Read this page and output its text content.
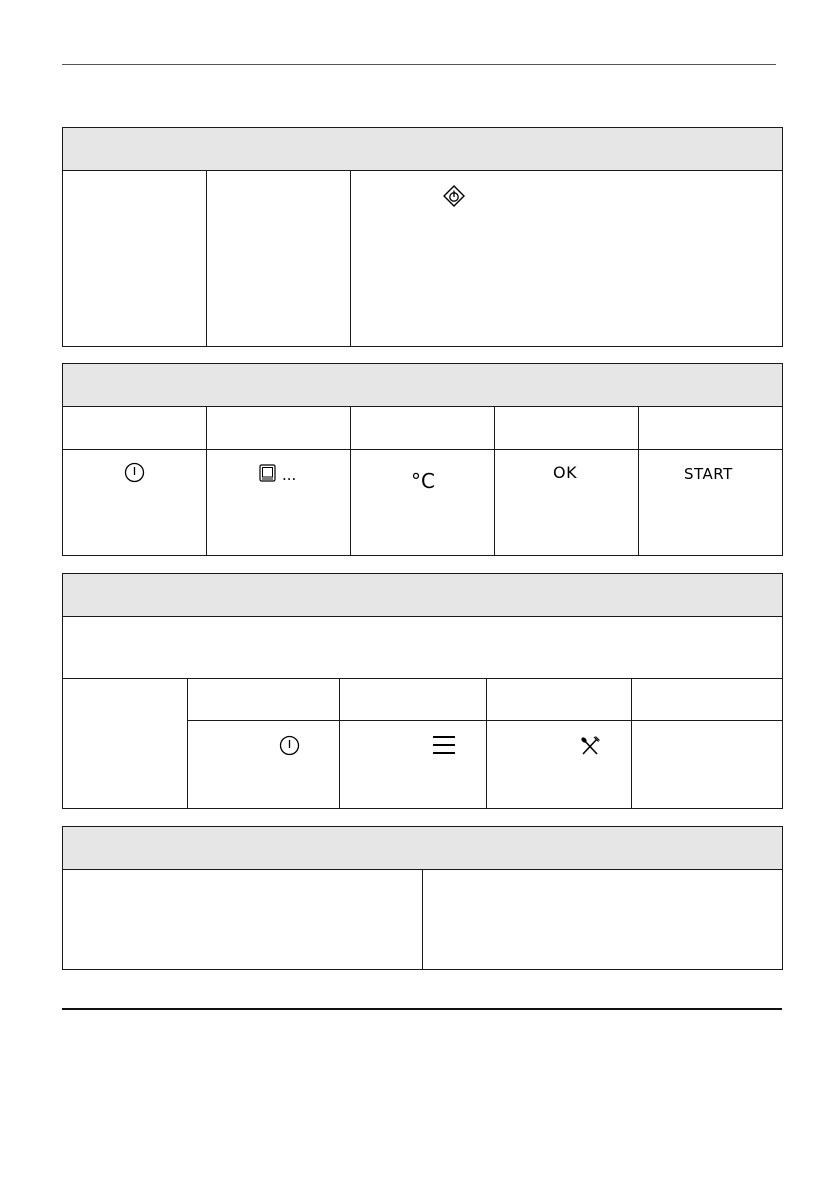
...	°C	OK	START
